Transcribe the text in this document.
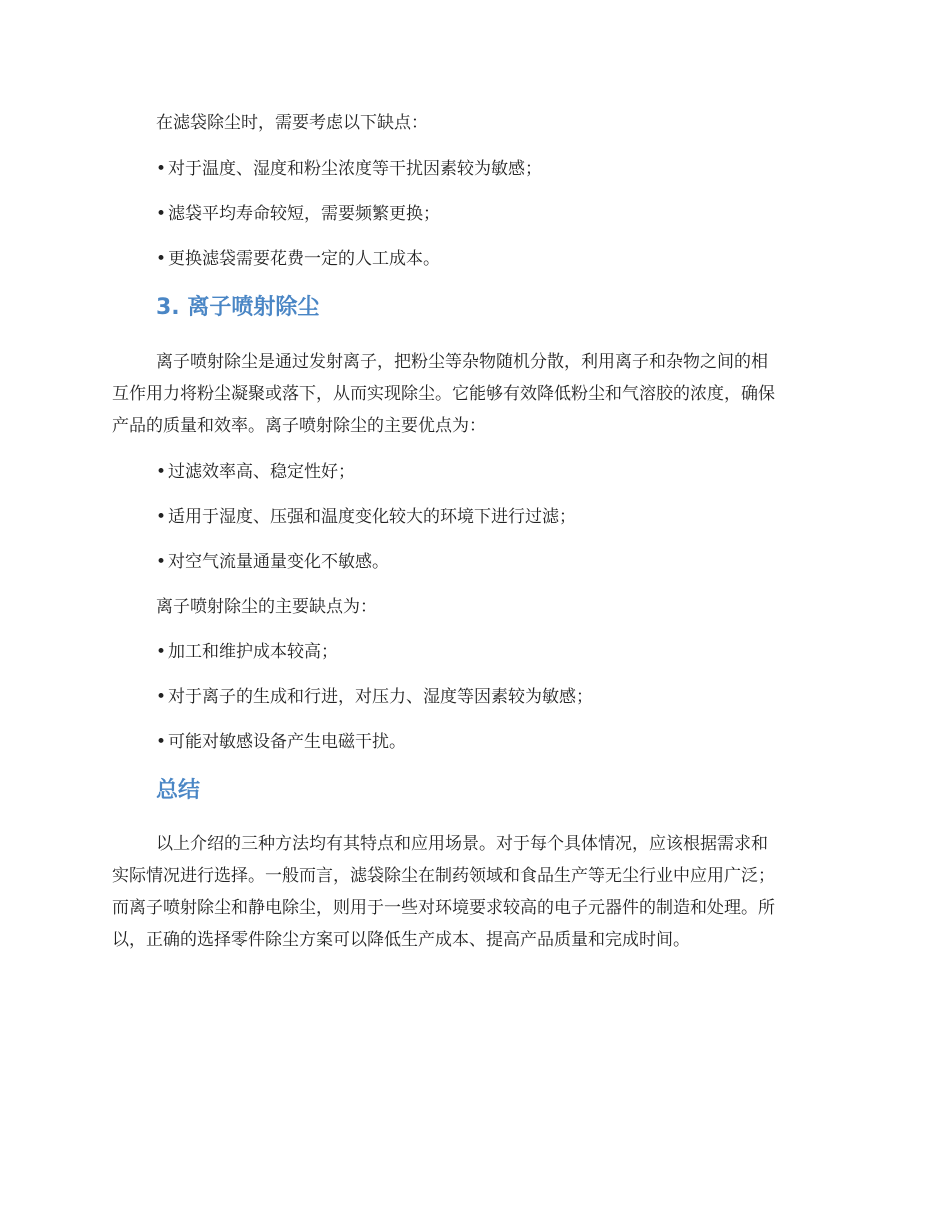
在滤袋除尘时，需要考虑以下缺点：

• 对于温度、湿度和粉尘浓度等干扰因素较为敏感；

• 滤袋平均寿命较短，需要频繁更换；

• 更换滤袋需要花费一定的人工成本。

3. 离子喷射除尘

离子喷射除尘是通过发射离子，把粉尘等杂物随机分散，利用离子和杂物之间的相

互作用力将粉尘凝聚或落下，从而实现除尘。它能够有效降低粉尘和气溶胶的浓度，确保

产品的质量和效率。离子喷射除尘的主要优点为：

• 过滤效率高、稳定性好；

• 适用于湿度、压强和温度变化较大的环境下进行过滤；

• 对空气流量通量变化不敏感。

离子喷射除尘的主要缺点为：

• 加工和维护成本较高；

• 对于离子的生成和行进，对压力、湿度等因素较为敏感；

• 可能对敏感设备产生电磁干扰。

总结

以上介绍的三种方法均有其特点和应用场景。对于每个具体情况，应该根据需求和

实际情况进行选择。一般而言，滤袋除尘在制药领域和食品生产等无尘行业中应用广泛；

而离子喷射除尘和静电除尘，则用于一些对环境要求较高的电子元器件的制造和处理。所

以，正确的选择零件除尘方案可以降低生产成本、提高产品质量和完成时间。
